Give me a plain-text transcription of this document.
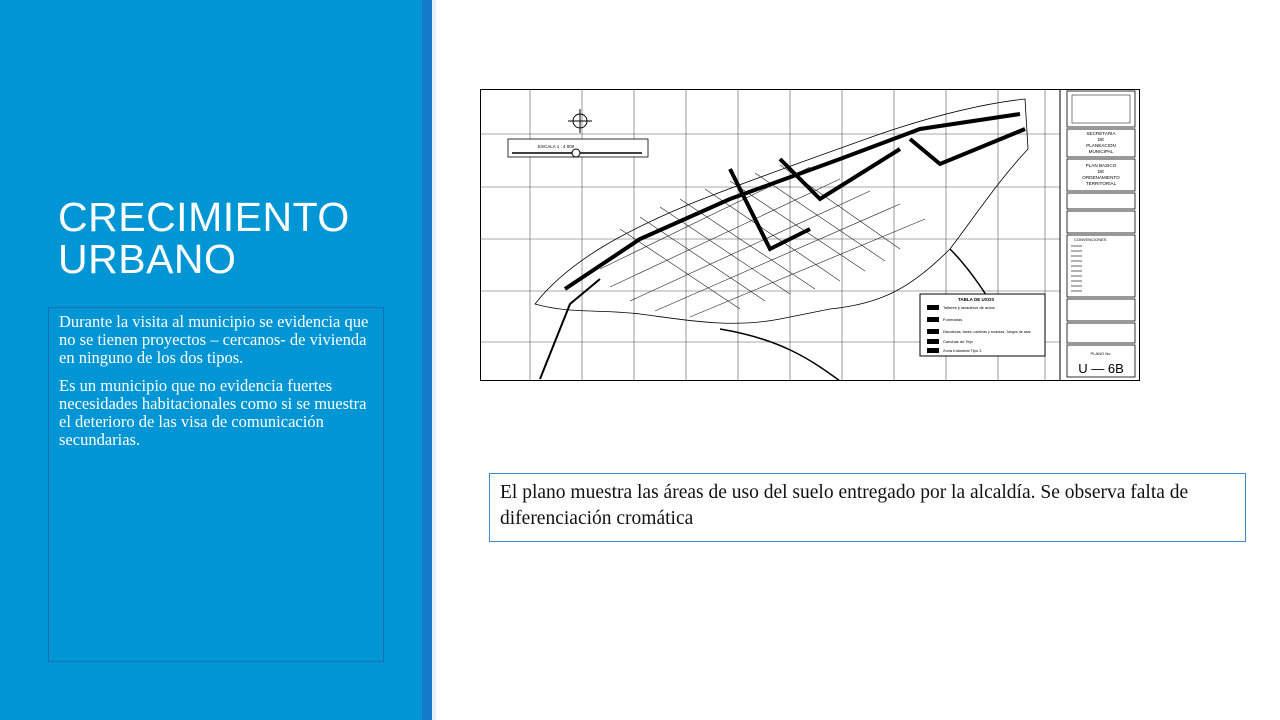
CRECIMIENTO URBANO

Durante la visita al municipio se evidencia que no se tienen proyectos – cercanos- de vivienda en ninguno de los dos tipos.

Es un municipio que no evidencia fuertes necesidades habitacionales como si se muestra el deterioro de las visa de comunicación secundarias.

ESCALA 1 : 4 000
TABLA DE USOS
Talleres y lavaderos de autos
Funerarias
Discotecas, bares, cantinas y rockolas, Juegos de azar.
Canchas de Tejo
Zona Industrial Tipo 2.
SECRETARIA
DE
PLANEACION
MUNICIPAL
PLAN BASICO
DE
ORDENAMIENTO
TERRITORIAL
CONVENCIONES
PLANO No.
U — 6B
El plano muestra las áreas de uso del suelo entregado por la alcaldía. Se observa falta de diferenciación cromática
